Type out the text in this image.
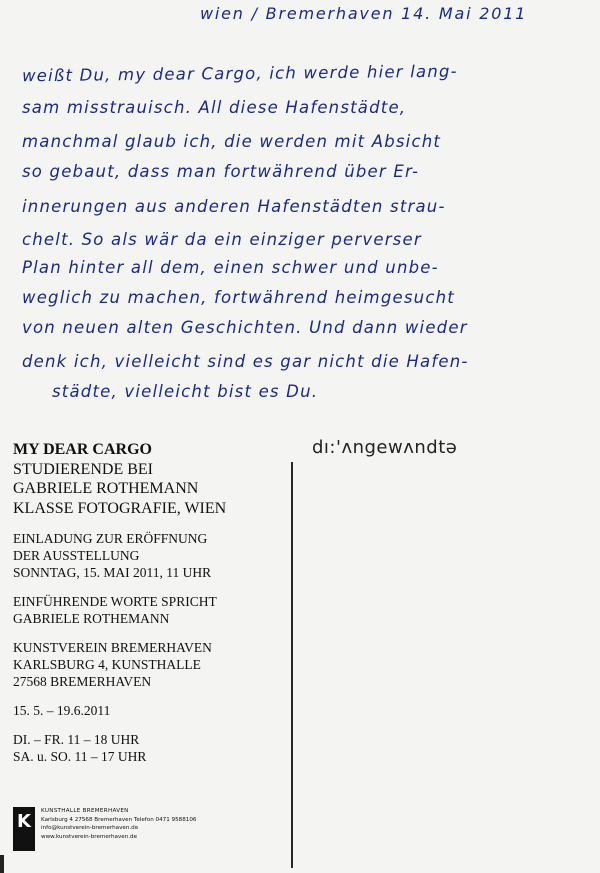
wien / Bremerhaven 14. Mai 2011
weißt Du, my dear Cargo, ich werde hier lang-
sam misstrauisch. All diese Hafenstädte,
manchmal glaub ich, die werden mit Absicht
so gebaut, dass man fortwährend über Er-
innerungen aus anderen Hafenstädten strau-
chelt. So als wär da ein einziger perverser
Plan hinter all dem, einen schwer und unbe-
weglich zu machen, fortwährend heimgesucht
von neuen alten Geschichten. Und dann wieder
denk ich, vielleicht sind es gar nicht die Hafen-
städte, vielleicht bist es Du.
dı:'ʌngewʌndtə
MY DEAR CARGO
STUDIERENDE BEI
GABRIELE ROTHEMANN
KLASSE FOTOGRAFIE, WIEN
EINLADUNG ZUR ERÖFFNUNG
DER AUSSTELLUNG
SONNTAG, 15. MAI 2011, 11 UHR
EINFÜHRENDE WORTE SPRICHT
GABRIELE ROTHEMANN
KUNSTVEREIN BREMERHAVEN
KARLSBURG 4, KUNSTHALLE
27568 BREMERHAVEN
15. 5. – 19.6.2011
DI. – FR. 11 – 18 UHR
SA. u. SO. 11 – 17 UHR
K	KUNSTHALLE BREMERHAVEN
Karlsburg 4 27568 Bremerhaven Telefon 0471 9588106
info@kunstverein-bremerhaven.de
www.kunstverein-bremerhaven.de
